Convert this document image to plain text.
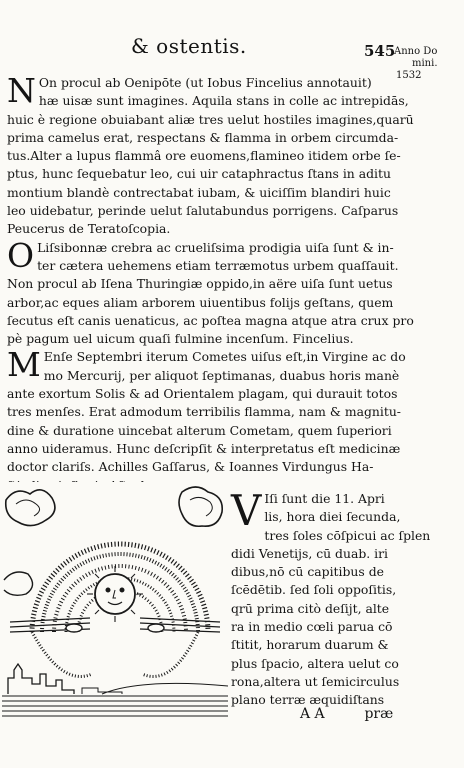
& ostentis.	545
Anno Do
mini.
1532
N On procul ab Oenipōte (ut Iobus Fincelius annotauit)
hæ uisæ sunt imagines. Aquila stans in colle ac intrepidās,
huic è regione obuiabant aliæ tres uelut hostiles imagines,quarū
prima camelus erat, respectans & flamma in orbem circumda-
tus.Alter a lupus flammâ ore euomens,flamineo itidem orbe ſe-
ptus, hunc ſequebatur leo, cui uir cataphractus ſtans in aditu
montium blandè contrectabat iubam, & uiciſſim blandiri huic
leo uidebatur, perinde uelut ſalutabundus porrigens. Caſparus
Peucerus de Teratoſcopia.
O Liſsibonnæ crebra ac crueliſsima prodigia uiſa ſunt & in-
ter cætera uehemens etiam terræmotus urbem quaſſauit.
Non procul ab Iſena Thuringiæ oppido,in aëre uiſa ſunt uetus
arbor,ac eques aliam arborem uiuentibus folijs geſtans, quem
ſecutus eſt canis uenaticus, ac poſtea magna atque atra crux pro
pè pagum uel uicum quaſi fulmine incenſum. Fincelius.
M Enſe Septembri iterum Cometes uiſus eſt,in Virgine ac do
mo Mercurij, per aliquot ſeptimanas, duabus horis manè
ante exortum Solis & ad Orientalem plagam, qui durauit totos
tres menſes. Erat admodum terribilis flamma, nam & magnitu-
dine & duratione uincebat alterum Cometam, quem ſuperiori
anno uideramus. Hunc deſcripſit & interpretatus eſt medicinæ
doctor clariſs. Achilles Gaſſarus, & Ioannes Virdungus Ha-
V Iſi ſunt die 11. Apri
lis, hora diei ſecunda,
tres ſoles cōſpicui ac ſplen
didi Venetijs, cū duab. iri
dibus,nō cū capitibus de
ſcēdētib. ſed ſoli oppoſitis,
qrū prima citò deſijt, alte
ra in medio cœli parua cō
ſtitit, horarum duarum &
plus ſpacio, altera uelut co
rona,altera ut ſemicirculus
plano terræ æquidiſtans
A A	præ
